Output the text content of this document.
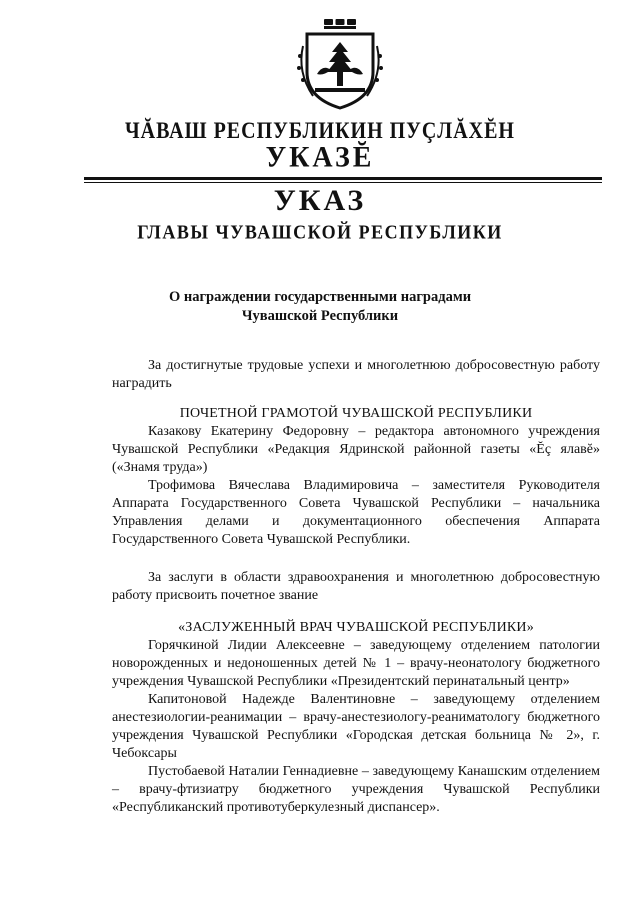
ЧĂВАШ РЕСПУБЛИКИН ПУÇЛĂХĔН
УКАЗĔ
УКАЗ
ГЛАВЫ ЧУВАШСКОЙ РЕСПУБЛИКИ
О награждении государственными наградами
Чувашской Республики

За достигнутые трудовые успехи и многолетнюю добросовестную работу наградить

ПОЧЕТНОЙ ГРАМОТОЙ ЧУВАШСКОЙ РЕСПУБЛИКИ

Казакову Екатерину Федоровну – редактора автономного учреждения Чувашской Республики «Редакция Ядринской районной газеты «Ĕç ялавĕ» («Знамя труда»)

Трофимова Вячеслава Владимировича – заместителя Руководителя Аппарата Государственного Совета Чувашской Республики – начальника Управления делами и документационного обеспечения Аппарата Государственного Совета Чувашской Республики.

За заслуги в области здравоохранения и многолетнюю добросовестную работу присвоить почетное звание

«ЗАСЛУЖЕННЫЙ ВРАЧ ЧУВАШСКОЙ РЕСПУБЛИКИ»

Горячкиной Лидии Алексеевне – заведующему отделением патологии новорожденных и недоношенных детей № 1 – врачу-неонатологу бюджетного учреждения Чувашской Республики «Президентский перинатальный центр»

Капитоновой Надежде Валентиновне – заведующему отделением анестезиологии-реанимации – врачу-анестезиологу-реаниматологу бюджетного учреждения Чувашской Республики «Городская детская больница № 2», г. Чебоксары

Пустобаевой Наталии Геннадиевне – заведующему Канашским отделением – врачу-фтизиатру бюджетного учреждения Чувашской Республики «Республиканский противотуберкулезный диспансер».
